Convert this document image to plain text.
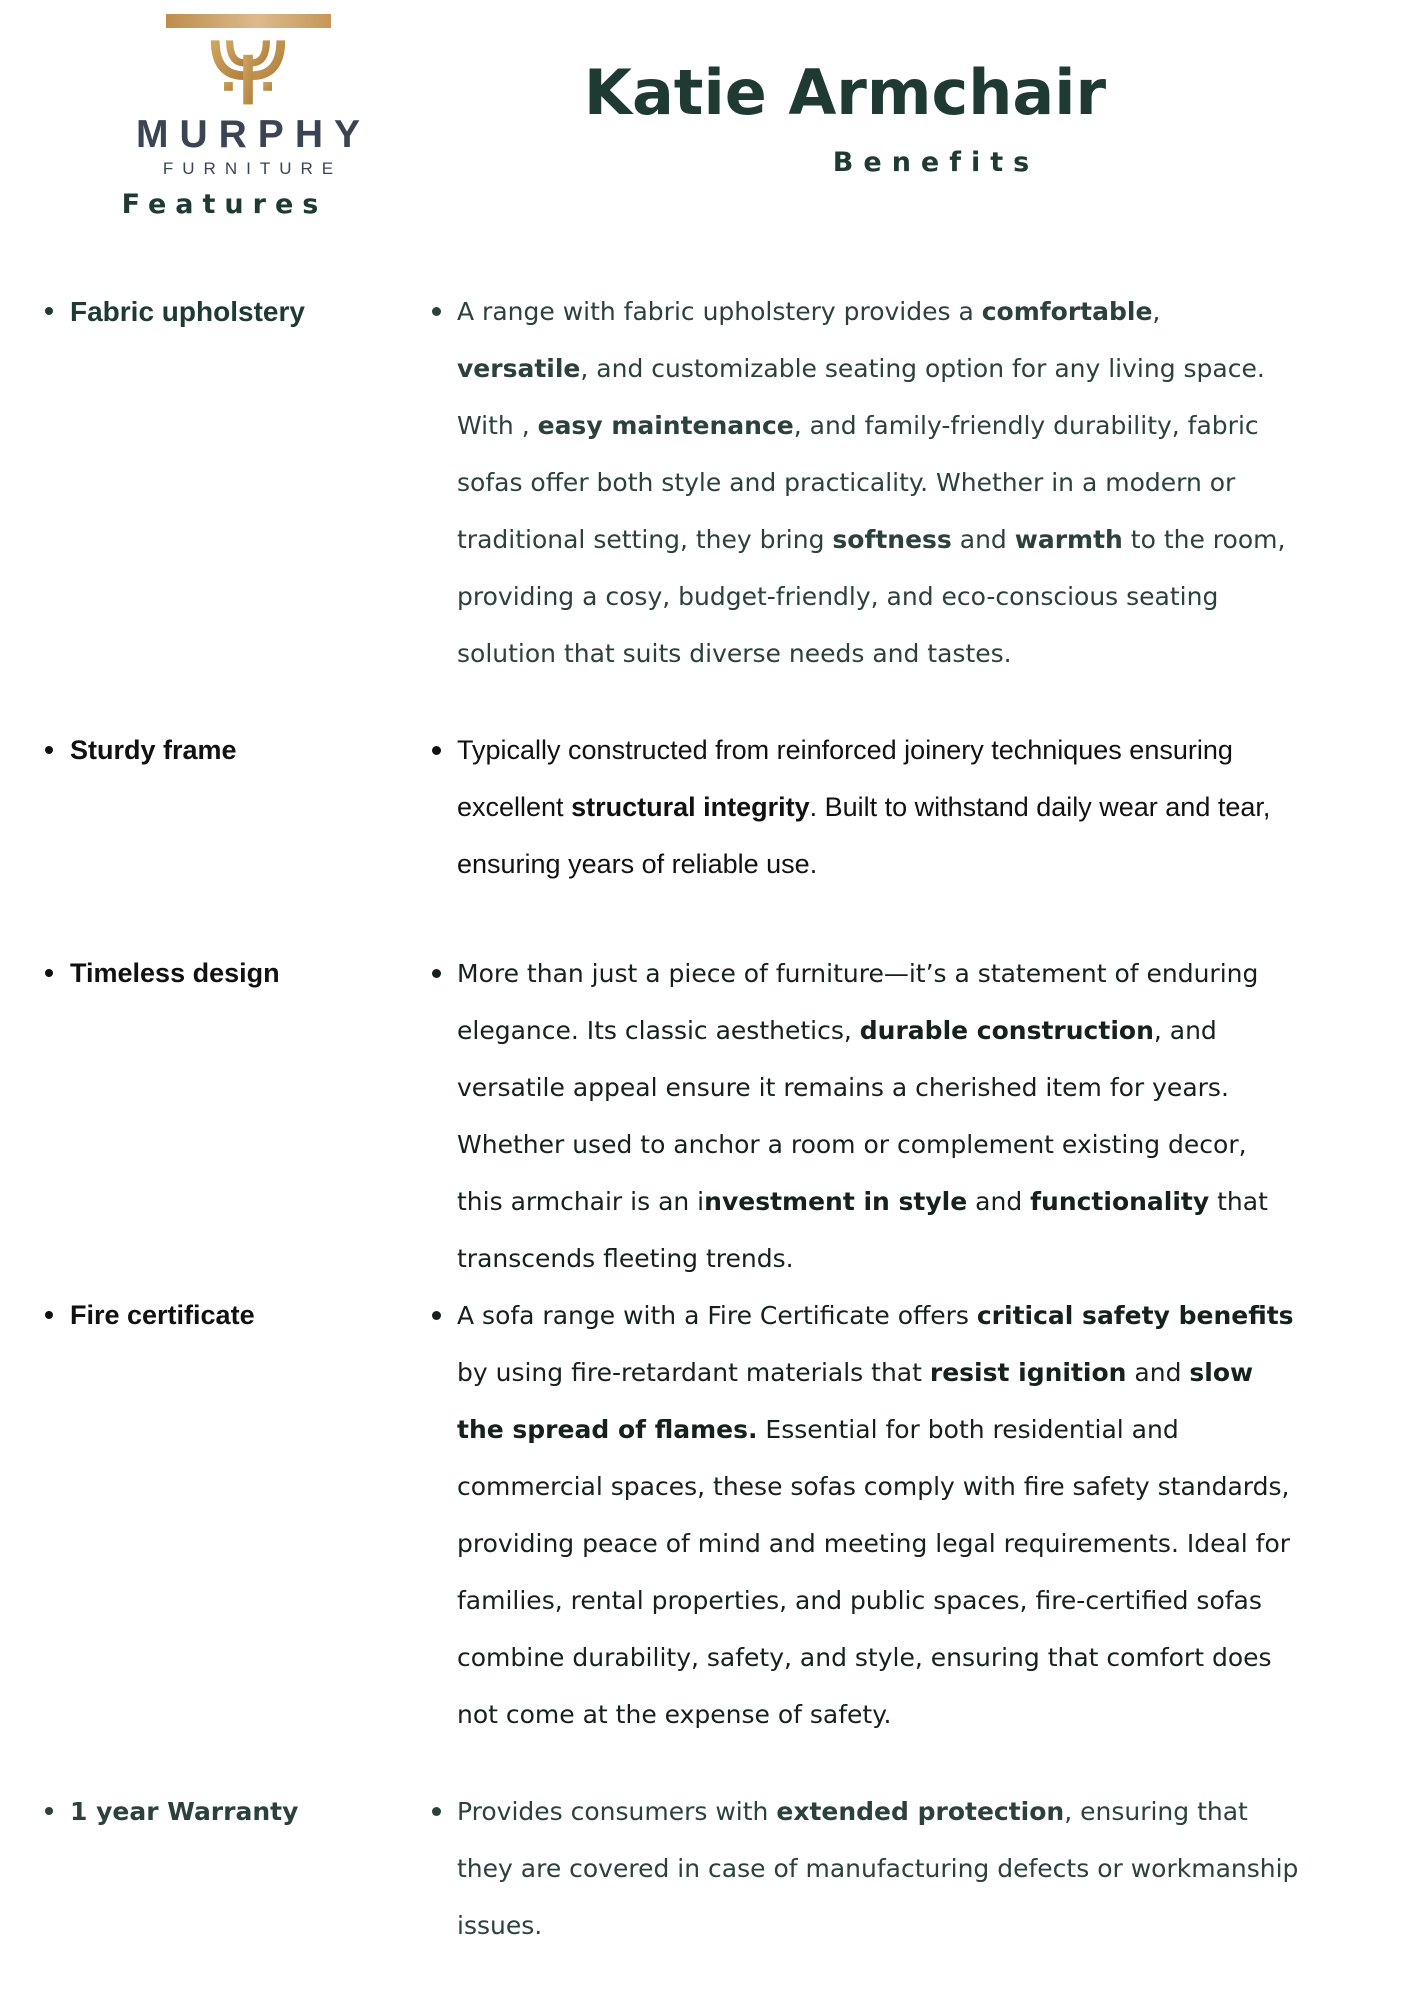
MURPHY
FURNITURE
Features
Katie Armchair
Benefits
Fabric upholstery	A range with fabric upholstery provides a comfortable, versatile, and customizable seating option for any living space. With , easy maintenance, and family-friendly durability, fabric sofas offer both style and practicality. Whether in a modern or traditional setting, they bring softness and warmth to the room, providing a cosy, budget-friendly, and eco-conscious seating solution that suits diverse needs and tastes.
Sturdy frame	Typically constructed from reinforced joinery techniques ensuring excellent structural integrity. Built to withstand daily wear and tear, ensuring years of reliable use.
Timeless design	More than just a piece of furniture—it’s a statement of enduring elegance. Its classic aesthetics, durable construction, and versatile appeal ensure it remains a cherished item for years. Whether used to anchor a room or complement existing decor, this armchair is an investment in style and functionality that transcends fleeting trends.
Fire certificate	A sofa range with a Fire Certificate offers critical safety benefits by using fire-retardant materials that resist ignition and slow the spread of flames. Essential for both residential and commercial spaces, these sofas comply with fire safety standards, providing peace of mind and meeting legal requirements. Ideal for families, rental properties, and public spaces, fire-certified sofas combine durability, safety, and style, ensuring that comfort does not come at the expense of safety.
1 year Warranty	Provides consumers with extended protection, ensuring that they are covered in case of manufacturing defects or workmanship issues.
